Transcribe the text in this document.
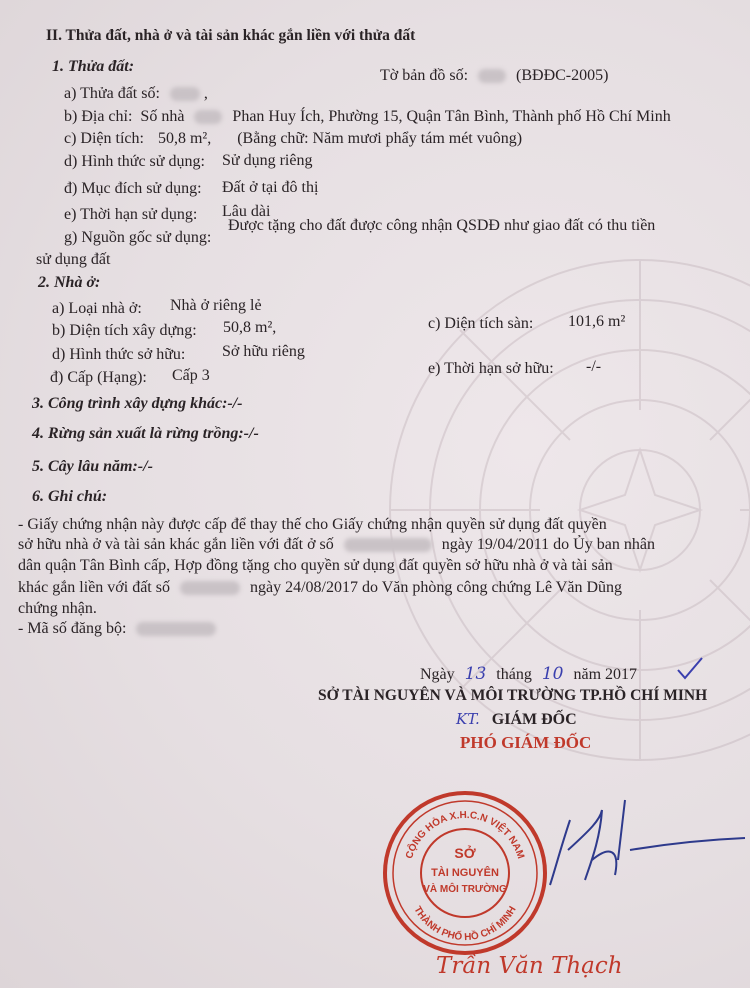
II. Thửa đất, nhà ở và tài sản khác gắn liền với thửa đất
1. Thửa đất:
a) Thửa đất số:	,
Tờ bản đồ số:	(BĐĐC-2005)
b) Địa chỉ: Số nhà	Phan Huy Ích, Phường 15, Quận Tân Bình, Thành phố Hồ Chí Minh
c) Diện tích: 50,8 m², (Bằng chữ: Năm mươi phẩy tám mét vuông)
d) Hình thức sử dụng: Sử dụng riêng
đ) Mục đích sử dụng: Đất ở tại đô thị
e) Thời hạn sử dụng: Lâu dài
g) Nguồn gốc sử dụng:
Được tặng cho đất được công nhận QSDĐ như giao đất có thu tiền
sử dụng đất
2. Nhà ở:
a) Loại nhà ở: Nhà ở riêng lẻ
b) Diện tích xây dựng: 50,8 m²,	c) Diện tích sàn: 101,6 m²
d) Hình thức sở hữu: Sở hữu riêng
đ) Cấp (Hạng): Cấp 3	e) Thời hạn sở hữu: -/-
3. Công trình xây dựng khác:-/-
4. Rừng sản xuất là rừng trồng:-/-
5. Cây lâu năm:-/-
6. Ghi chú:
- Giấy chứng nhận này được cấp để thay thế cho Giấy chứng nhận quyền sử dụng đất quyền
sở hữu nhà ở và tài sản khác gắn liền với đất ở số	ngày 19/04/2011 do Ủy ban nhân
dân quận Tân Bình cấp, Hợp đồng tặng cho quyền sử dụng đất quyền sở hữu nhà ở và tài sản
khác gắn liền với đất số	ngày 24/08/2017 do Văn phòng công chứng Lê Văn Dũng
chứng nhận.
- Mã số đăng bộ:
Ngày 13 tháng 10 năm 2017
SỞ TÀI NGUYÊN VÀ MÔI TRƯỜNG TP.HỒ CHÍ MINH
KT. GIÁM ĐỐC
PHÓ GIÁM ĐỐC
CỘNG HÒA X.H.C.N VIỆT NAM
THÀNH PHỐ HỒ CHÍ MINH
SỞ
TÀI NGUYÊN
VÀ MÔI TRƯỜNG
Trần Văn Thạch
